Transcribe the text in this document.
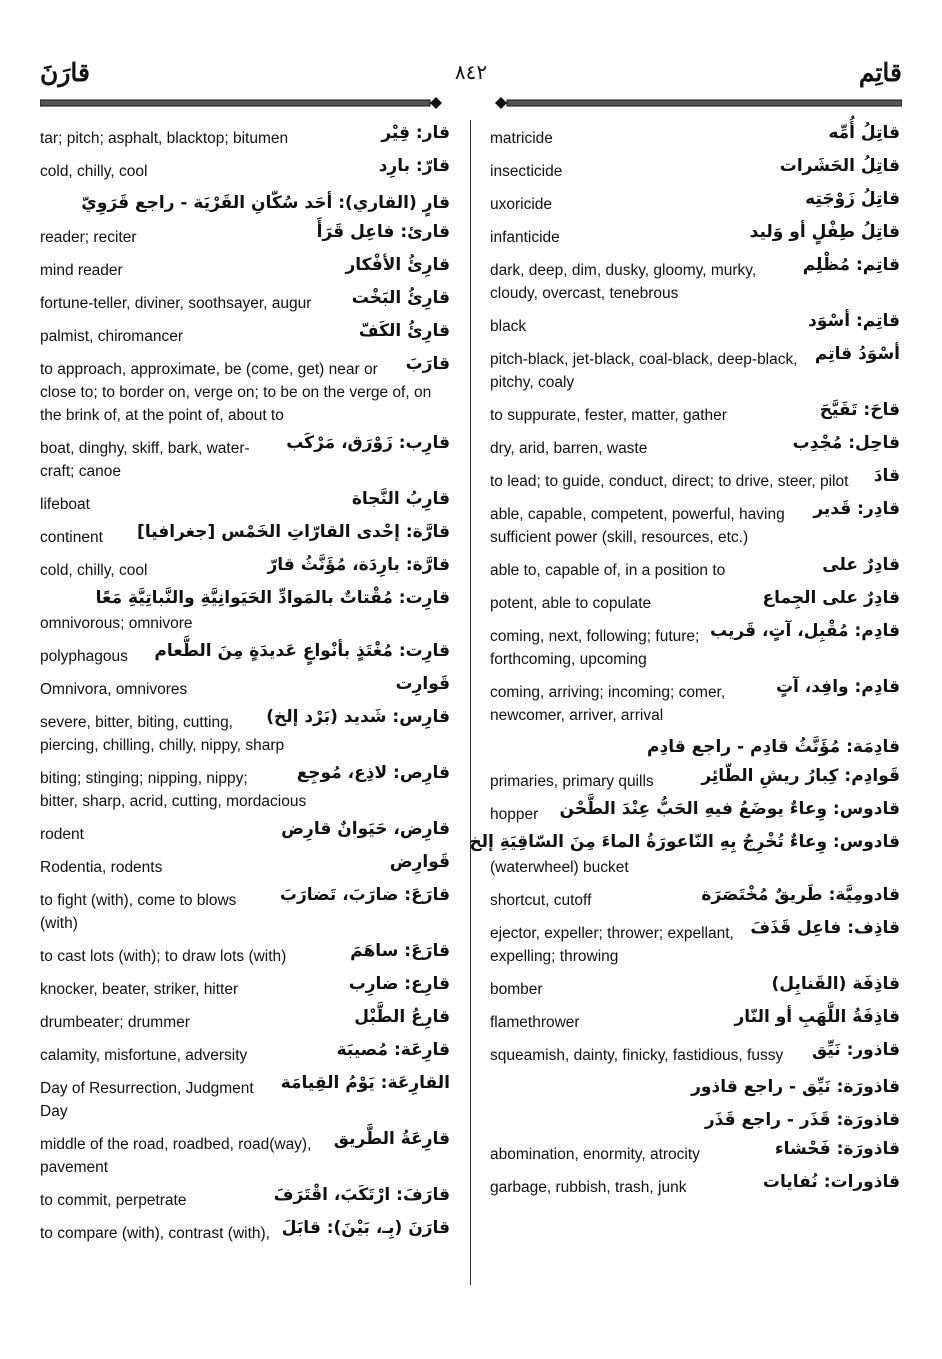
قارَنَ	٨٤٢	قاتِم
قار: قِيْر
tar; pitch; asphalt, blacktop; bitumen
قارّ: بارِد
cold, chilly, cool
قارٍ (القاري): أحَد سُكّانِ القَرْيَة - راجع قَرَوِيّ
قارئ: فاعِل قَرَأَ
reader; reciter
قارِئُ الأفْكار
mind reader
قارِئُ البَخْت
fortune-teller, diviner, soothsayer, augur
قارِئُ الكَفّ
palmist, chiromancer
قارَبَ
to approach, approximate, be (come, get) near or close to; to border on, verge on; to be on the verge of, on the brink of, at the point of, about to
قارِب: زَوْرَق، مَرْكَب
boat, dinghy, skiff, bark, water-craft; canoe
قارِبُ النَّجاة
lifeboat
قارَّة: إحْدى القارّاتِ الخَمْس [جغرافيا]
continent
قارَّة: بارِدَة، مُؤَنَّثُ قارّ
cold, chilly, cool
قارِت: مُقْتاتٌ بالمَوادِّ الحَيَوانِيَّةِ والنَّباتِيَّةِ مَعًا
omnivorous; omnivore
قارِت: مُغْتَذٍ بأنْواعٍ عَديدَةٍ مِنَ الطَّعام
polyphagous
قَوارِت
Omnivora, omnivores
قارِس: شَديد (بَرْد إلخ)
severe, bitter, biting, cutting, piercing, chilling, chilly, nippy, sharp
قارِص: لاذِع، مُوجِع
biting; stinging; nipping, nippy; bitter, sharp, acrid, cutting, mordacious
قارِض، حَيَوانٌ قارِض
rodent
قَوارِض
Rodentia, rodents
قارَعَ: ضارَبَ، تَضارَبَ
to fight (with), come to blows (with)
قارَعَ: ساهَمَ
to cast lots (with); to draw lots (with)
قارِع: ضارِب
knocker, beater, striker, hitter
قارِعُ الطَّبْل
drumbeater; drummer
قارِعَة: مُصيبَة
calamity, misfortune, adversity
القارِعَة: يَوْمُ القِيامَة
Day of Resurrection, Judgment Day
قارِعَةُ الطَّريق
middle of the road, roadbed, road(way), pavement
قارَفَ: ارْتَكَبَ، اقْتَرَفَ
to commit, perpetrate
قارَنَ (بِـ، بَيْنَ): قابَلَ
to compare (with), contrast (with),
قاتِلُ أُمِّه
matricide
قاتِلُ الحَشَرات
insecticide
قاتِلُ زَوْجَتِه
uxoricide
قاتِلُ طِفْلٍ أو وَليد
infanticide
قاتِم: مُظْلِم
dark, deep, dim, dusky, gloomy, murky, cloudy, overcast, tenebrous
قاتِم: أسْوَد
black
أسْوَدُ قاتِم
pitch-black, jet-black, coal-black, deep-black, pitchy, coaly
قاحَ: تَقَيَّحَ
to suppurate, fester, matter, gather
قاحِل: مُجْدِب
dry, arid, barren, waste
قادَ
to lead; to guide, conduct, direct; to drive, steer, pilot
قادِر: قَدير
able, capable, competent, powerful, having sufficient power (skill, resources, etc.)
قادِرٌ على
able to, capable of, in a position to
قادِرٌ على الجِماع
potent, able to copulate
قادِم: مُقْبِل، آتٍ، قَريب
coming, next, following; future; forthcoming, upcoming
قادِم: وافِد، آتٍ
coming, arriving; incoming; comer, newcomer, arriver, arrival
قادِمَة: مُؤَنَّثُ قادِم - راجع قادِم
قَوادِم: كِبارُ ريشِ الطّائِر
primaries, primary quills
قادوس: وِعاءٌ يوضَعُ فيهِ الحَبُّ عِنْدَ الطَّحْن
hopper
قادوس: وِعاءٌ تُخْرِجُ بِهِ النّاعورَةُ الماءَ مِنَ السّاقِيَةِ إلخ
(waterwheel) bucket
قادومِيَّة: طَريقٌ مُخْتَصَرَة
shortcut, cutoff
قاذِف: فاعِل قَذَفَ
ejector, expeller; thrower; expellant, expelling; throwing
قاذِفَة (القَنابِل)
bomber
قاذِفَةُ اللَّهَبِ أو النّار
flamethrower
قاذور: نَيِّق
squeamish, dainty, finicky, fastidious, fussy
قاذورَة: نَيِّق - راجع قاذور
قاذورَة: قَذَر - راجع قَذَر
قاذورَة: فَحْشاء
abomination, enormity, atrocity
قاذورات: نُفايات
garbage, rubbish, trash, junk
